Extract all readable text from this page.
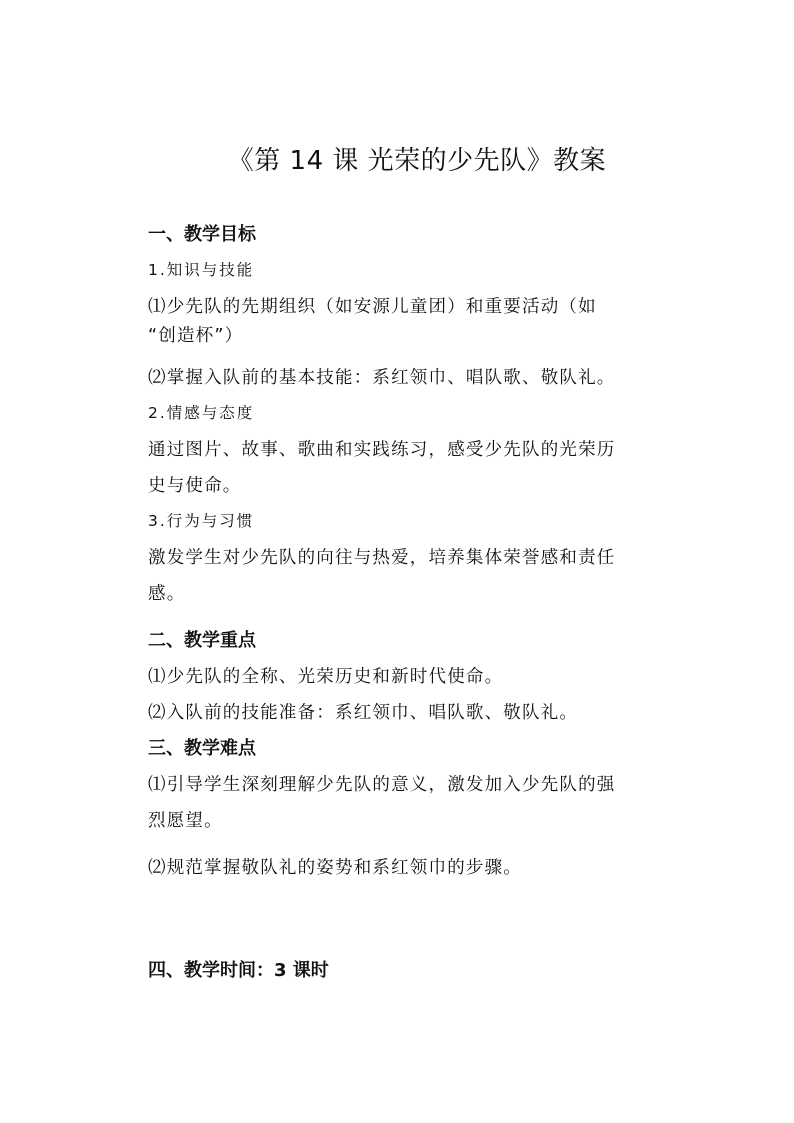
《第 14 课 光荣的少先队》教案
一、教学目标
1.知识与技能
⑴少先队的先期组织（如安源儿童团）和重要活动（如
“创造杯”）
⑵掌握入队前的基本技能：系红领巾、唱队歌、敬队礼。
2.情感与态度
通过图片、故事、歌曲和实践练习，感受少先队的光荣历
史与使命。
3.行为与习惯
激发学生对少先队的向往与热爱，培养集体荣誉感和责任
感。
二、教学重点
⑴少先队的全称、光荣历史和新时代使命。
⑵入队前的技能准备：系红领巾、唱队歌、敬队礼。
三、教学难点
⑴引导学生深刻理解少先队的意义，激发加入少先队的强
烈愿望。
⑵规范掌握敬队礼的姿势和系红领巾的步骤。
四、教学时间：3 课时
